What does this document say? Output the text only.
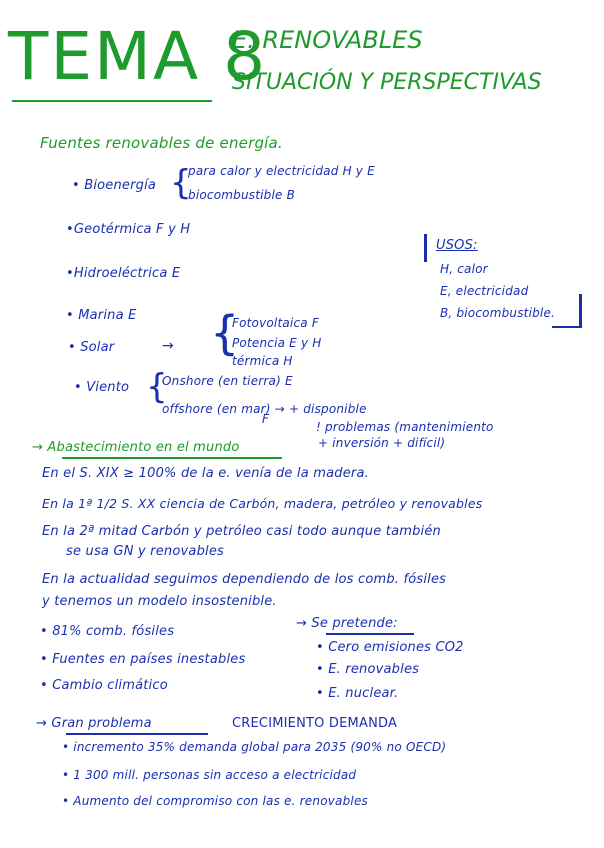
TEMA 8
E. RENOVABLES
SITUACIÓN Y PERSPECTIVAS
Fuentes renovables de energía.
• Bioenergía {
para calor y electricidad H y E
biocombustible B
•Geotérmica F y H
•Hidroeléctrica E
• Marina E
• Solar	→ {
Fotovoltaica F
Potencia E y H
térmica H
F
• Viento {
Onshore (en tierra) E
offshore (en mar) → + disponible
! problemas (mantenimiento
+ inversión + difícil)
USOS:
H, calor
E, electricidad
B, biocombustible.
→ Abastecimiento en el mundo
En el S. XIX ≥ 100% de la e. venía de la madera.
En la 1ª 1/2 S. XX ciencia de Carbón, madera, petróleo y renovables
En la 2ª mitad Carbón y petróleo casi todo aunque también
se usa GN y renovables
En la actualidad seguimos dependiendo de los comb. fósiles
y tenemos un modelo insostenible.
• 81% comb. fósiles
• Fuentes en países inestables
• Cambio climático
→ Se pretende:
• Cero emisiones CO2
• E. renovables
• E. nuclear.
→ Gran problema	CRECIMIENTO DEMANDA
• incremento 35% demanda global para 2035 (90% no OECD)
• 1 300 mill. personas sin acceso a electricidad
• Aumento del compromiso con las e. renovables
